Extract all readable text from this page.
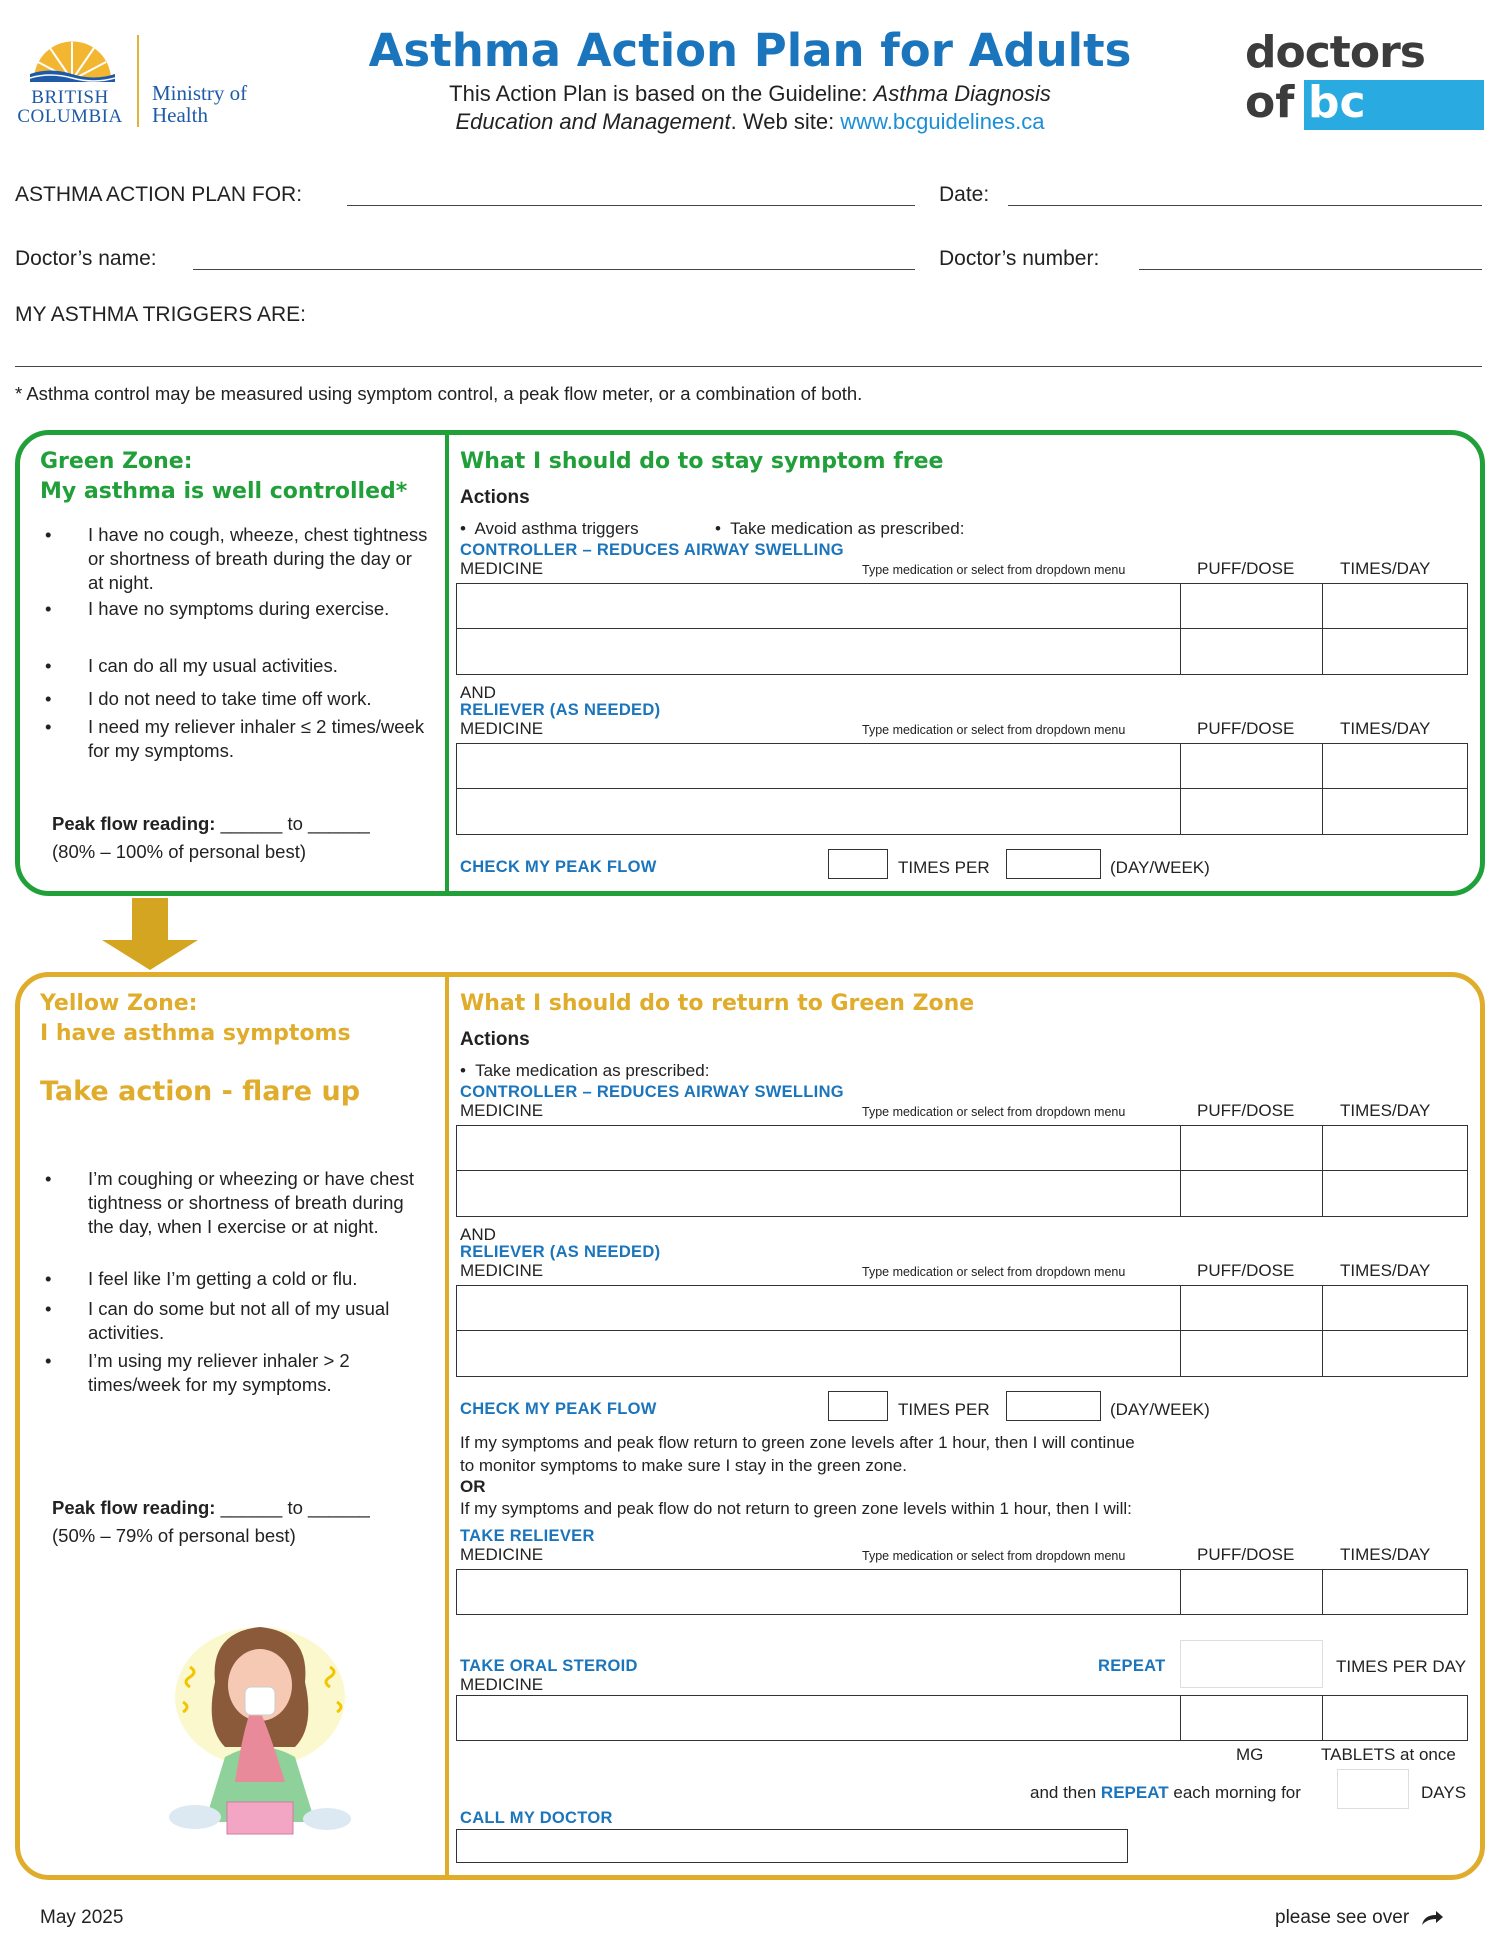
BRITISH
COLUMBIA
Ministry of
Health
Asthma Action Plan for Adults
This Action Plan is based on the Guideline: Asthma Diagnosis
Education and Management. Web site: www.bcguidelines.ca
doctors
of bc
ASTHMA ACTION PLAN FOR:	Date:
Doctor’s name:	Doctor’s number:
MY ASTHMA TRIGGERS ARE:
* Asthma control may be measured using symptom control, a peak flow meter, or a combination of both.
Green Zone:
My asthma is well controlled*
• I have no cough, wheeze, chest tightness or shortness of breath during the day or at night.
• I have no symptoms during exercise.
• I can do all my usual activities.
• I do not need to take time off work.
• I need my reliever inhaler ≤ 2 times/week for my symptoms.
Peak flow reading: ______ to ______
(80% – 100% of personal best)
What I should do to stay symptom free
Actions
•  Avoid asthma triggers	•  Take medication as prescribed:
CONTROLLER – REDUCES AIRWAY SWELLING
MEDICINE	Type medication or select from dropdown menu	PUFF/DOSE	TIMES/DAY
AND
RELIEVER (AS NEEDED)
MEDICINE	Type medication or select from dropdown menu	PUFF/DOSE	TIMES/DAY
CHECK MY PEAK FLOW	TIMES PER	(DAY/WEEK)
Yellow Zone:
I have asthma symptoms
Take action - flare up
• I’m coughing or wheezing or have chest tightness or shortness of breath during the day, when I exercise or at night.
• I feel like I’m getting a cold or flu.
• I can do some but not all of my usual activities.
• I’m using my reliever inhaler > 2 times/week for my symptoms.
Peak flow reading: ______ to ______
(50% – 79% of personal best)
What I should do to return to Green Zone
Actions
•  Take medication as prescribed:
CONTROLLER – REDUCES AIRWAY SWELLING
MEDICINE	Type medication or select from dropdown menu	PUFF/DOSE	TIMES/DAY
AND
RELIEVER (AS NEEDED)
MEDICINE	Type medication or select from dropdown menu	PUFF/DOSE	TIMES/DAY
CHECK MY PEAK FLOW	TIMES PER	(DAY/WEEK)
If my symptoms and peak flow return to green zone levels after 1 hour, then I will continue
to monitor symptoms to make sure I stay in the green zone.
OR
If my symptoms and peak flow do not return to green zone levels within 1 hour, then I will:
TAKE RELIEVER
MEDICINE	Type medication or select from dropdown menu	PUFF/DOSE	TIMES/DAY
TAKE ORAL STEROID	REPEAT	TIMES PER DAY
MEDICINE
MG	TABLETS at once
and then REPEAT each morning for	DAYS
CALL MY DOCTOR
May 2025	please see over
